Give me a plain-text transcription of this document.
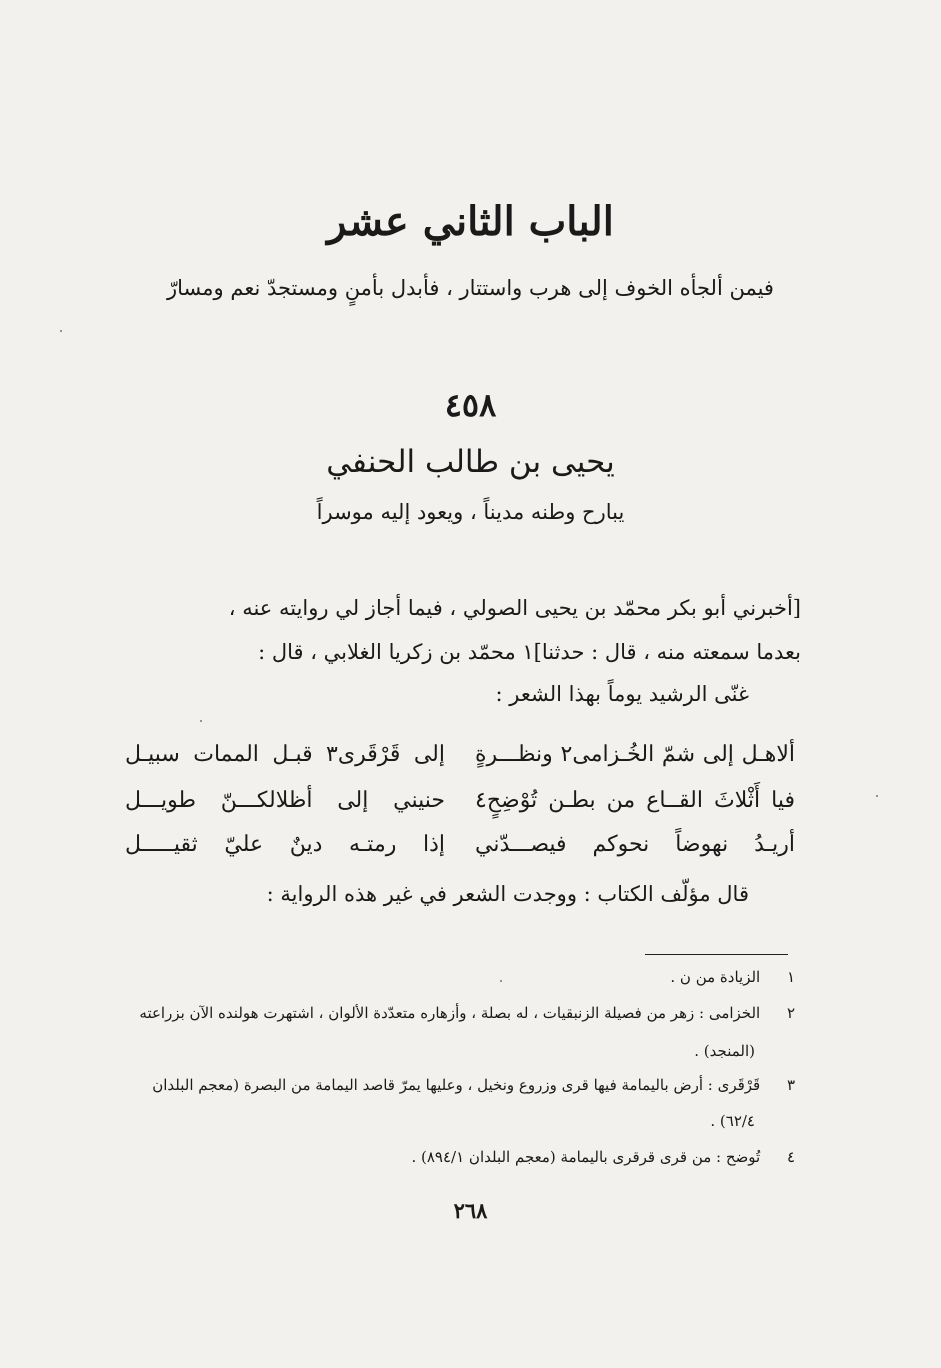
الباب الثاني عشر
فيمن ألجأه الخوف إلى هرب واستتار ، فأبدل بأمنٍ ومستجدّ نعم ومسارّ
٤٥٨
يحيى بن طالب الحنفي
يبارح وطنه مديناً ، ويعود إليه موسراً
[أخبرني أبو بكر محمّد بن يحيى الصولي ، فيما أجاز لي روايته عنه ،
بعدما سمعته منه ، قال : حدثنا]١ محمّد بن زكريا الغلابي ، قال :
غنّى الرشيد يوماً بهذا الشعر :
ألاهـل إلى شمّ الخُـزامى٢ ونظـــرةٍ
إلى قَرْقَرى٣ قبـل الممات سبيـل
فيا أَثْلاثَ القــاع من بطـن تُوْضِحٍ٤
حنيني إلى أظلالكـــنّ طويـــل
أريـدُ نهوضاً نحوكم فيصـــدّني
إذا رمتـه دينٌ عليّ ثقيـــــل
قال مؤلّف الكتاب : ووجدت الشعر في غير هذه الرواية :
١ الزيادة من ن .
٢ الخزامى : زهر من فصيلة الزنبقيات ، له بصلة ، وأزهاره متعدّدة الألوان ، اشتهرت هولنده الآن بزراعته
(المنجد) .
٣ قَرْقَرى : أرض باليمامة فيها قرى وزروع ونخيل ، وعليها يمرّ قاصد اليمامة من البصرة (معجم البلدان
٦٢/٤) .
٤ تُوضح : من قرى قرقرى باليمامة (معجم البلدان ٨٩٤/١) .
٢٦٨
